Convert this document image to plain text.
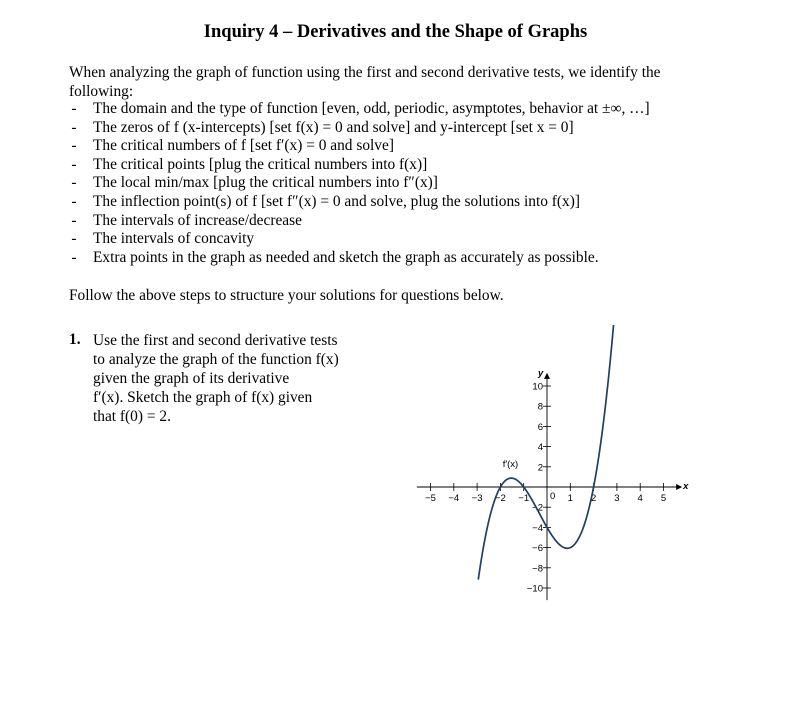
Inquiry 4 – Derivatives and the Shape of Graphs
When analyzing the graph of function using the first and second derivative tests, we identify the following:
-	The domain and the type of function [even, odd, periodic, asymptotes, behavior at ±∞, …]
-	The zeros of f (x-intercepts) [set f(x) = 0 and solve] and y-intercept [set x = 0]
-	The critical numbers of f [set f′(x) = 0 and solve]
-	The critical points [plug the critical numbers into f(x)]
-	The local min/max [plug the critical numbers into f″(x)]
-	The inflection point(s) of f [set f″(x) = 0 and solve, plug the solutions into f(x)]
-	The intervals of increase/decrease
-	The intervals of concavity
-	Extra points in the graph as needed and sketch the graph as accurately as possible.
Follow the above steps to structure your solutions for questions below.
1. Use the first and second derivative tests
to analyze the graph of the function f(x)
given the graph of its derivative
f′(x). Sketch the graph of f(x) given
that f(0) = 2.
−5 −4 −3 −2 −1	1 2 3 4 5
−10
−8
−6
−4
−2
2
4
6
8
10
f′(x)
x
y
0
